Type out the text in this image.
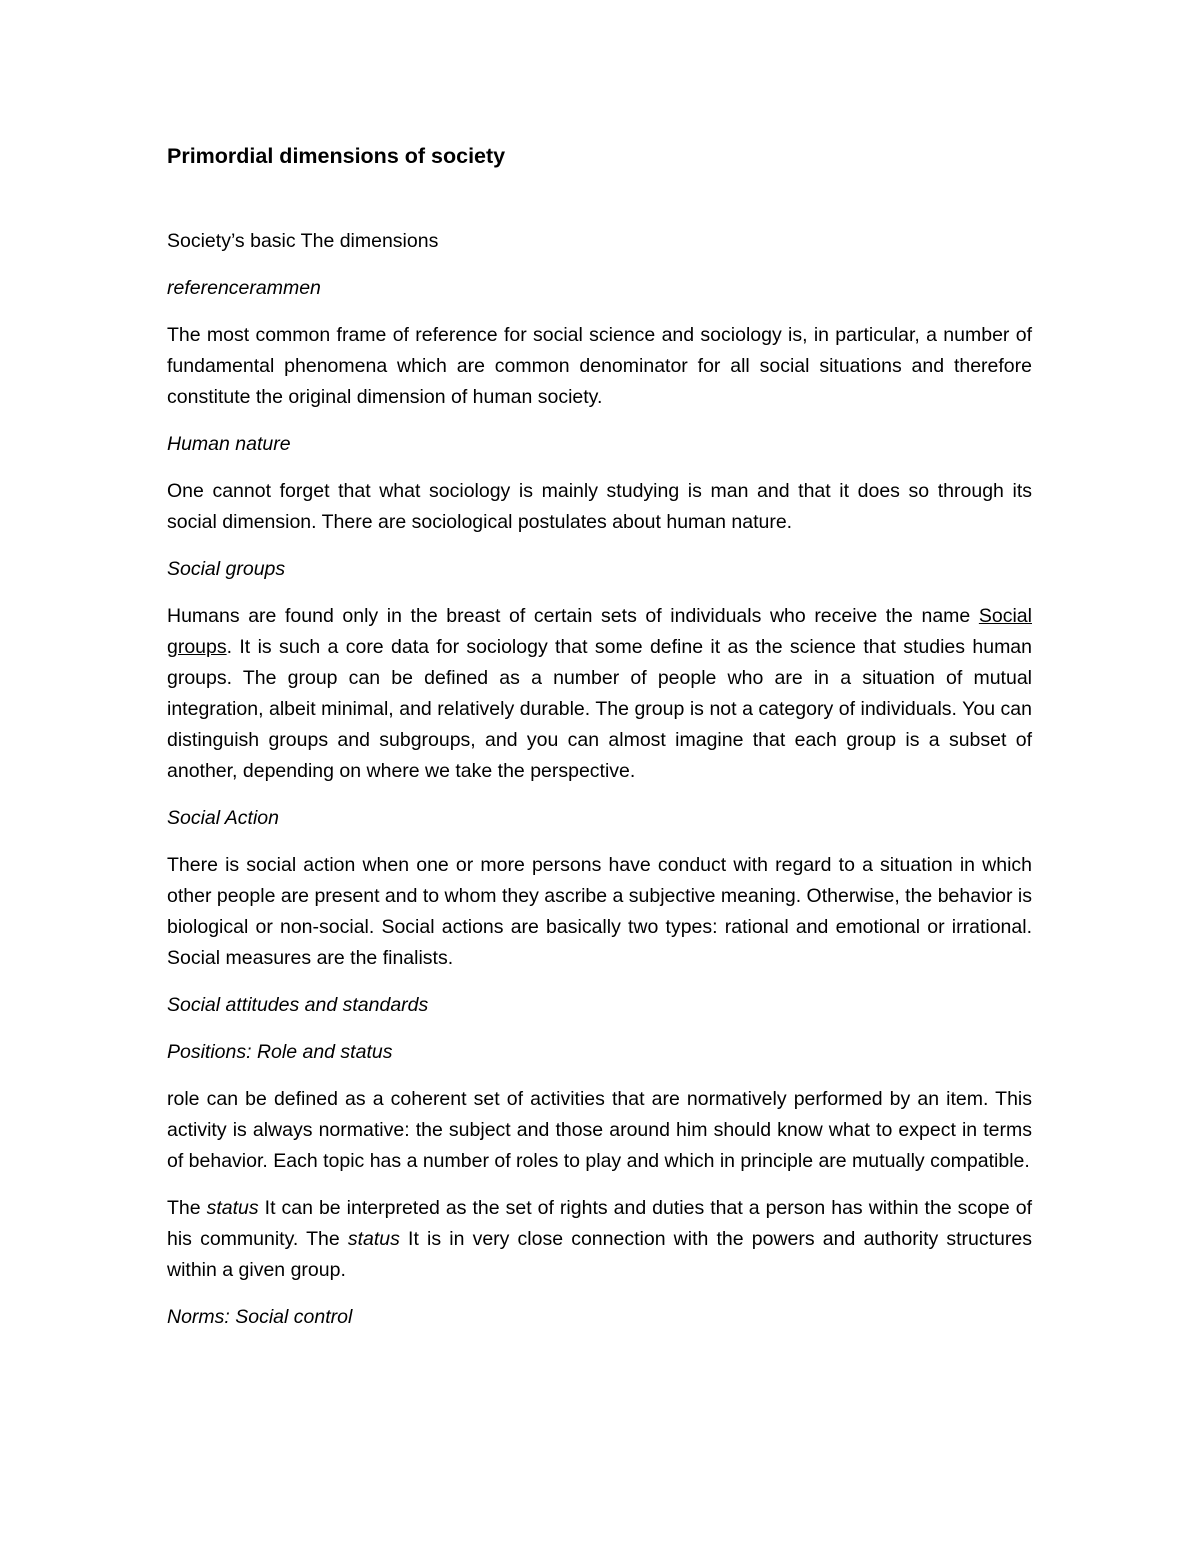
Primordial dimensions of society
Society’s basic The dimensions
referencerammen
The most common frame of reference for social science and sociology is, in particular, a number of fundamental phenomena which are common denominator for all social situations and therefore constitute the original dimension of human society.
Human nature
One cannot forget that what sociology is mainly studying is man and that it does so through its social dimension. There are sociological postulates about human nature.
Social groups
Humans are found only in the breast of certain sets of individuals who receive the name Social groups. It is such a core data for sociology that some define it as the science that studies human groups. The group can be defined as a number of people who are in a situation of mutual integration, albeit minimal, and relatively durable. The group is not a category of individuals. You can distinguish groups and subgroups, and you can almost imagine that each group is a subset of another, depending on where we take the perspective.
Social Action
There is social action when one or more persons have conduct with regard to a situation in which other people are present and to whom they ascribe a subjective meaning. Otherwise, the behavior is biological or non-social. Social actions are basically two types: rational and emotional or irrational. Social measures are the finalists.
Social attitudes and standards
Positions: Role and status
role can be defined as a coherent set of activities that are normatively performed by an item. This activity is always normative: the subject and those around him should know what to expect in terms of behavior. Each topic has a number of roles to play and which in principle are mutually compatible.
The status It can be interpreted as the set of rights and duties that a person has within the scope of his community. The status It is in very close connection with the powers and authority structures within a given group.
Norms: Social control
